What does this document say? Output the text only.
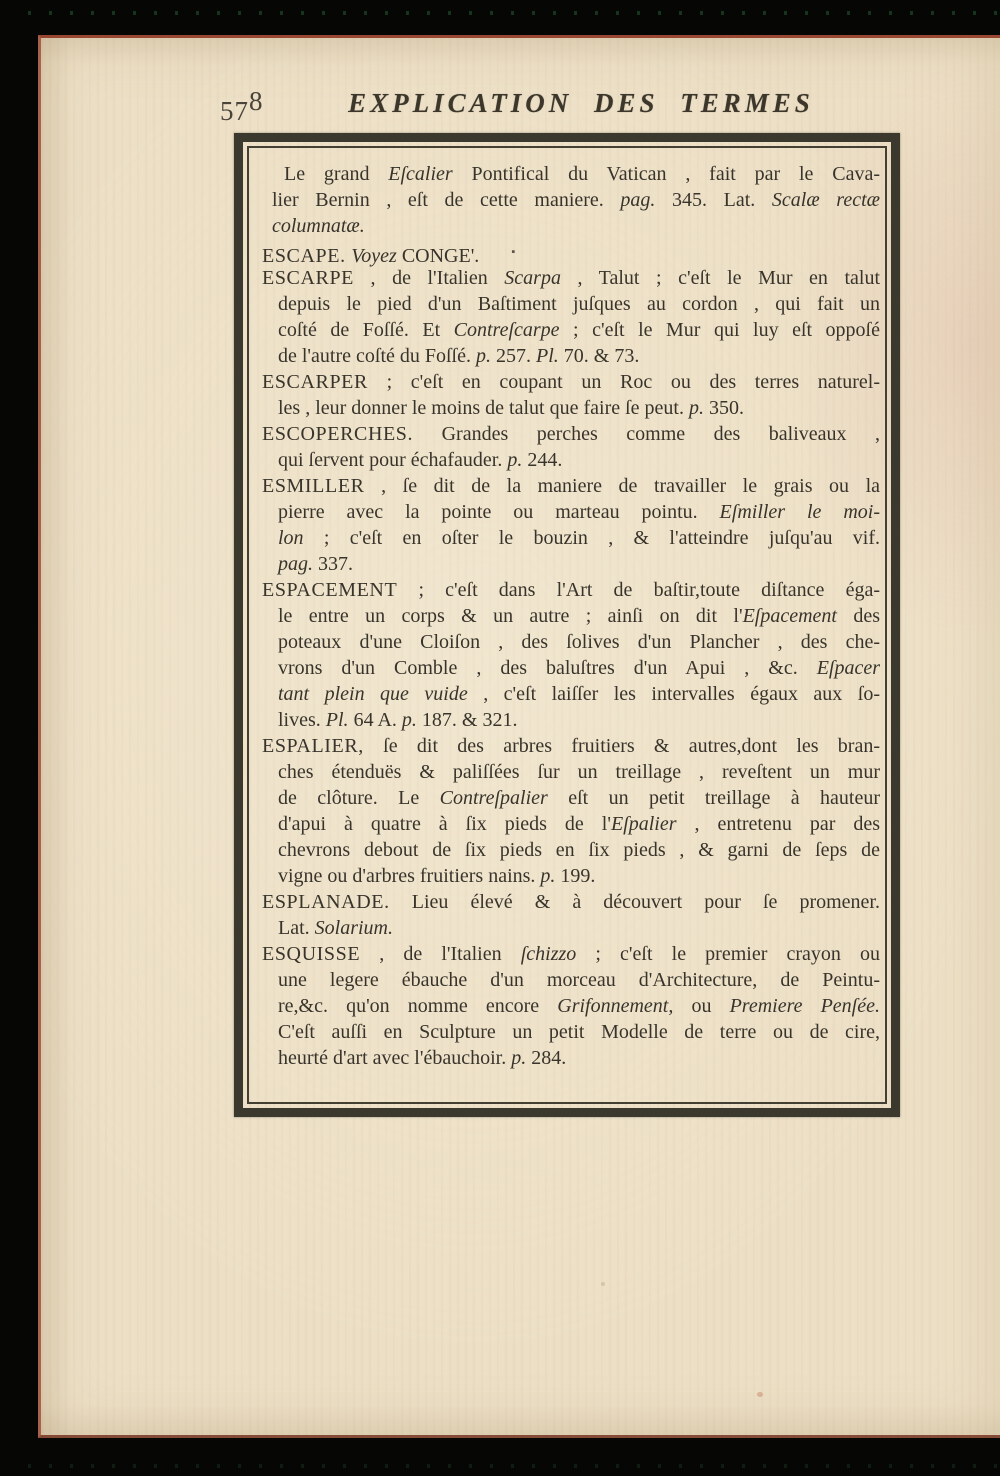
578	EXPLICATION DES TERMES
Le grand Eſcalier Pontifical du Vatican , fait par le Cava-
lier Bernin , eſt de cette maniere. pag. 345. Lat. Scalæ rectæ
columnatæ.
ESCAPE. Voyez CONGE'.	▪
ESCARPE , de l'Italien Scarpa , Talut ; c'eſt le Mur en talut
depuis le pied d'un Baſtiment juſques au cordon , qui fait un
coſté de Foſſé. Et Contreſcarpe ; c'eſt le Mur qui luy eſt oppoſé
de l'autre coſté du Foſſé. p. 257. Pl. 70. & 73.
ESCARPER ; c'eſt en coupant un Roc ou des terres naturel-
les , leur donner le moins de talut que faire ſe peut. p. 350.
ESCOPERCHES. Grandes perches comme des baliveaux ,
qui ſervent pour échafauder. p. 244.
ESMILLER , ſe dit de la maniere de travailler le grais ou la
pierre avec la pointe ou marteau pointu. Eſmiller le moi-
lon ; c'eſt en oſter le bouzin , & l'atteindre juſqu'au vif.
pag. 337.
ESPACEMENT ; c'eſt dans l'Art de baſtir,toute diſtance éga-
le entre un corps & un autre ; ainſi on dit l'Eſpacement des
poteaux d'une Cloiſon , des ſolives d'un Plancher , des che-
vrons d'un Comble , des baluſtres d'un Apui , &c. Eſpacer
tant plein que vuide , c'eſt laiſſer les intervalles égaux aux ſo-
lives. Pl. 64 A. p. 187. & 321.
ESPALIER, ſe dit des arbres fruitiers & autres,dont les bran-
ches étenduës & paliſſées ſur un treillage , reveſtent un mur
de clôture. Le Contreſpalier eſt un petit treillage à hauteur
d'apui à quatre à ſix pieds de l'Eſpalier , entretenu par des
chevrons debout de ſix pieds en ſix pieds , & garni de ſeps de
vigne ou d'arbres fruitiers nains. p. 199.
ESPLANADE. Lieu élevé & à découvert pour ſe promener.
Lat. Solarium.
ESQUISSE , de l'Italien ſchizzo ; c'eſt le premier crayon ou
une legere ébauche d'un morceau d'Architecture, de Peintu-
re,&c. qu'on nomme encore Grifonnement, ou Premiere Penſée.
C'eſt auſſi en Sculpture un petit Modelle de terre ou de cire,
heurté d'art avec l'ébauchoir. p. 284.
